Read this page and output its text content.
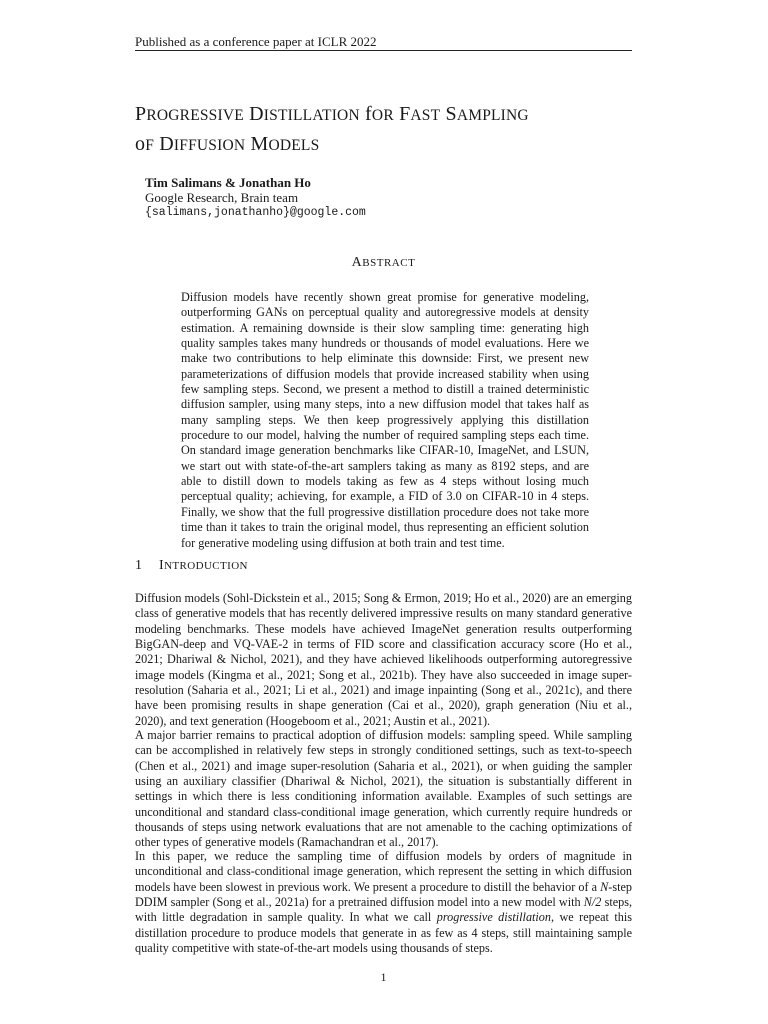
Published as a conference paper at ICLR 2022
PROGRESSIVE DISTILLATION fOR FAST SAMPLING
oF DIFFUSION MODELS
Tim Salimans & Jonathan Ho
Google Research, Brain team
{salimans,jonathanho}@google.com
ABSTRACT
Diffusion models have recently shown great promise for generative modeling, outperforming GANs on perceptual quality and autoregressive models at density estimation. A remaining downside is their slow sampling time: generating high quality samples takes many hundreds or thousands of model evaluations. Here we make two contributions to help eliminate this downside: First, we present new parameterizations of diffusion models that provide increased stability when using few sampling steps. Second, we present a method to distill a trained deterministic diffusion sampler, using many steps, into a new diffusion model that takes half as many sampling steps. We then keep progressively applying this distillation procedure to our model, halving the number of required sampling steps each time. On standard image generation benchmarks like CIFAR-10, ImageNet, and LSUN, we start out with state-of-the-art samplers taking as many as 8192 steps, and are able to distill down to models taking as few as 4 steps without losing much perceptual quality; achieving, for example, a FID of 3.0 on CIFAR-10 in 4 steps. Finally, we show that the full progressive distillation procedure does not take more time than it takes to train the original model, thus representing an efficient solution for generative modeling using diffusion at both train and test time.
1 INTRODUCTION
Diffusion models (Sohl-Dickstein et al., 2015; Song & Ermon, 2019; Ho et al., 2020) are an emerging class of generative models that has recently delivered impressive results on many standard generative modeling benchmarks. These models have achieved ImageNet generation results outperforming BigGAN-deep and VQ-VAE-2 in terms of FID score and classification accuracy score (Ho et al., 2021; Dhariwal & Nichol, 2021), and they have achieved likelihoods outperforming autoregressive image models (Kingma et al., 2021; Song et al., 2021b). They have also succeeded in image super-resolution (Saharia et al., 2021; Li et al., 2021) and image inpainting (Song et al., 2021c), and there have been promising results in shape generation (Cai et al., 2020), graph generation (Niu et al., 2020), and text generation (Hoogeboom et al., 2021; Austin et al., 2021).
A major barrier remains to practical adoption of diffusion models: sampling speed. While sampling can be accomplished in relatively few steps in strongly conditioned settings, such as text-to-speech (Chen et al., 2021) and image super-resolution (Saharia et al., 2021), or when guiding the sampler using an auxiliary classifier (Dhariwal & Nichol, 2021), the situation is substantially different in settings in which there is less conditioning information available. Examples of such settings are unconditional and standard class-conditional image generation, which currently require hundreds or thousands of steps using network evaluations that are not amenable to the caching optimizations of other types of generative models (Ramachandran et al., 2017).
In this paper, we reduce the sampling time of diffusion models by orders of magnitude in unconditional and class-conditional image generation, which represent the setting in which diffusion models have been slowest in previous work. We present a procedure to distill the behavior of a N-step DDIM sampler (Song et al., 2021a) for a pretrained diffusion model into a new model with N/2 steps, with little degradation in sample quality. In what we call progressive distillation, we repeat this distillation procedure to produce models that generate in as few as 4 steps, still maintaining sample quality competitive with state-of-the-art models using thousands of steps.
1
